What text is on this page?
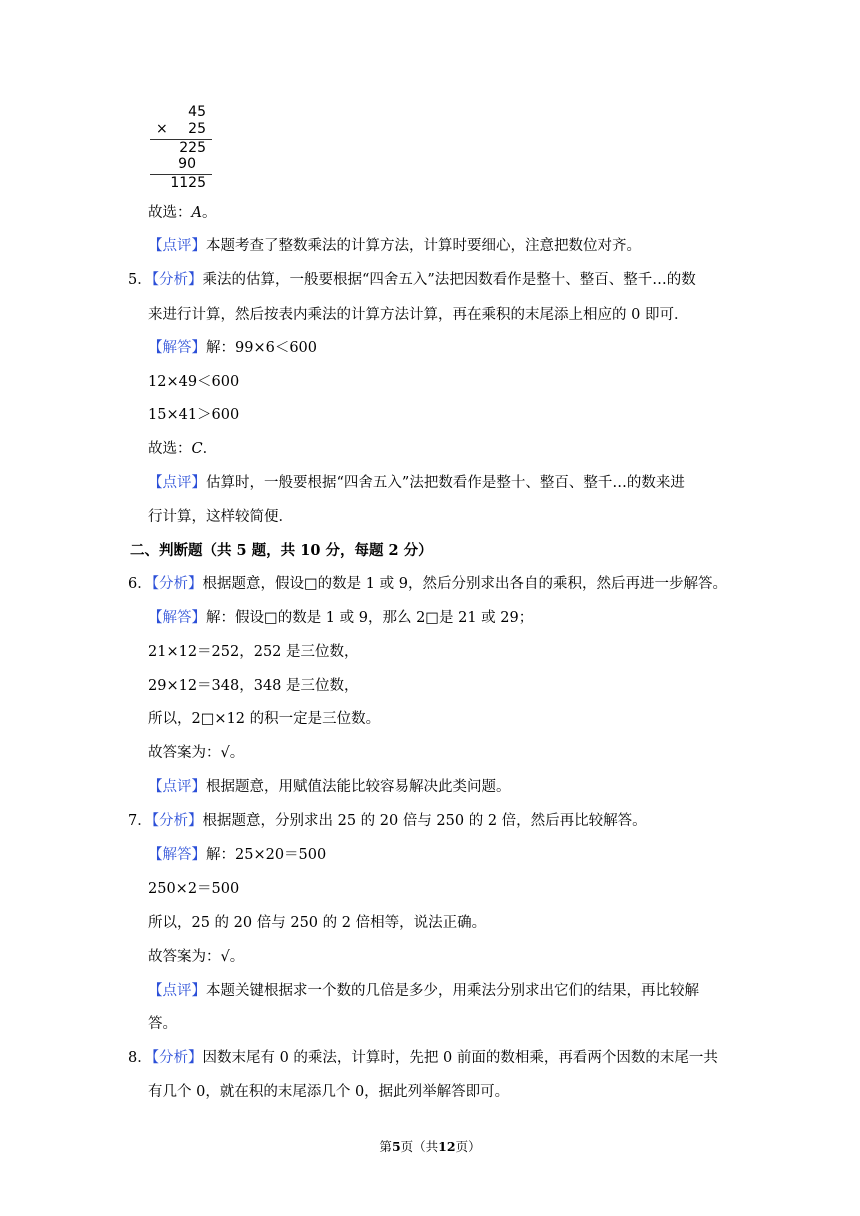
45
× 25
225
90
1125
故选：A。
【点评】本题考查了整数乘法的计算方法，计算时要细心，注意把数位对齐。
5．【分析】乘法的估算，一般要根据“四舍五入”法把因数看作是整十、整百、整千…的数
来进行计算，然后按表内乘法的计算方法计算，再在乘积的末尾添上相应的 0 即可．
【解答】解：99×6＜600
12×49＜600
15×41＞600
故选：C．
【点评】估算时，一般要根据“四舍五入”法把数看作是整十、整百、整千…的数来进
行计算，这样较简便．
二、判断题（共 5 题，共 10 分，每题 2 分）
6．【分析】根据题意，假设□的数是 1 或 9，然后分别求出各自的乘积，然后再进一步解答。
【解答】解：假设□的数是 1 或 9，那么 2□是 21 或 29；
21×12＝252，252 是三位数，
29×12＝348，348 是三位数，
所以，2□×12 的积一定是三位数。
故答案为：√。
【点评】根据题意，用赋值法能比较容易解决此类问题。
7．【分析】根据题意，分别求出 25 的 20 倍与 250 的 2 倍，然后再比较解答。
【解答】解：25×20＝500
250×2＝500
所以，25 的 20 倍与 250 的 2 倍相等，说法正确。
故答案为：√。
【点评】本题关键根据求一个数的几倍是多少，用乘法分别求出它们的结果，再比较解
答。
8．【分析】因数末尾有 0 的乘法，计算时，先把 0 前面的数相乘，再看两个因数的末尾一共
有几个 0，就在积的末尾添几个 0，据此列举解答即可。
第5页（共12页）
